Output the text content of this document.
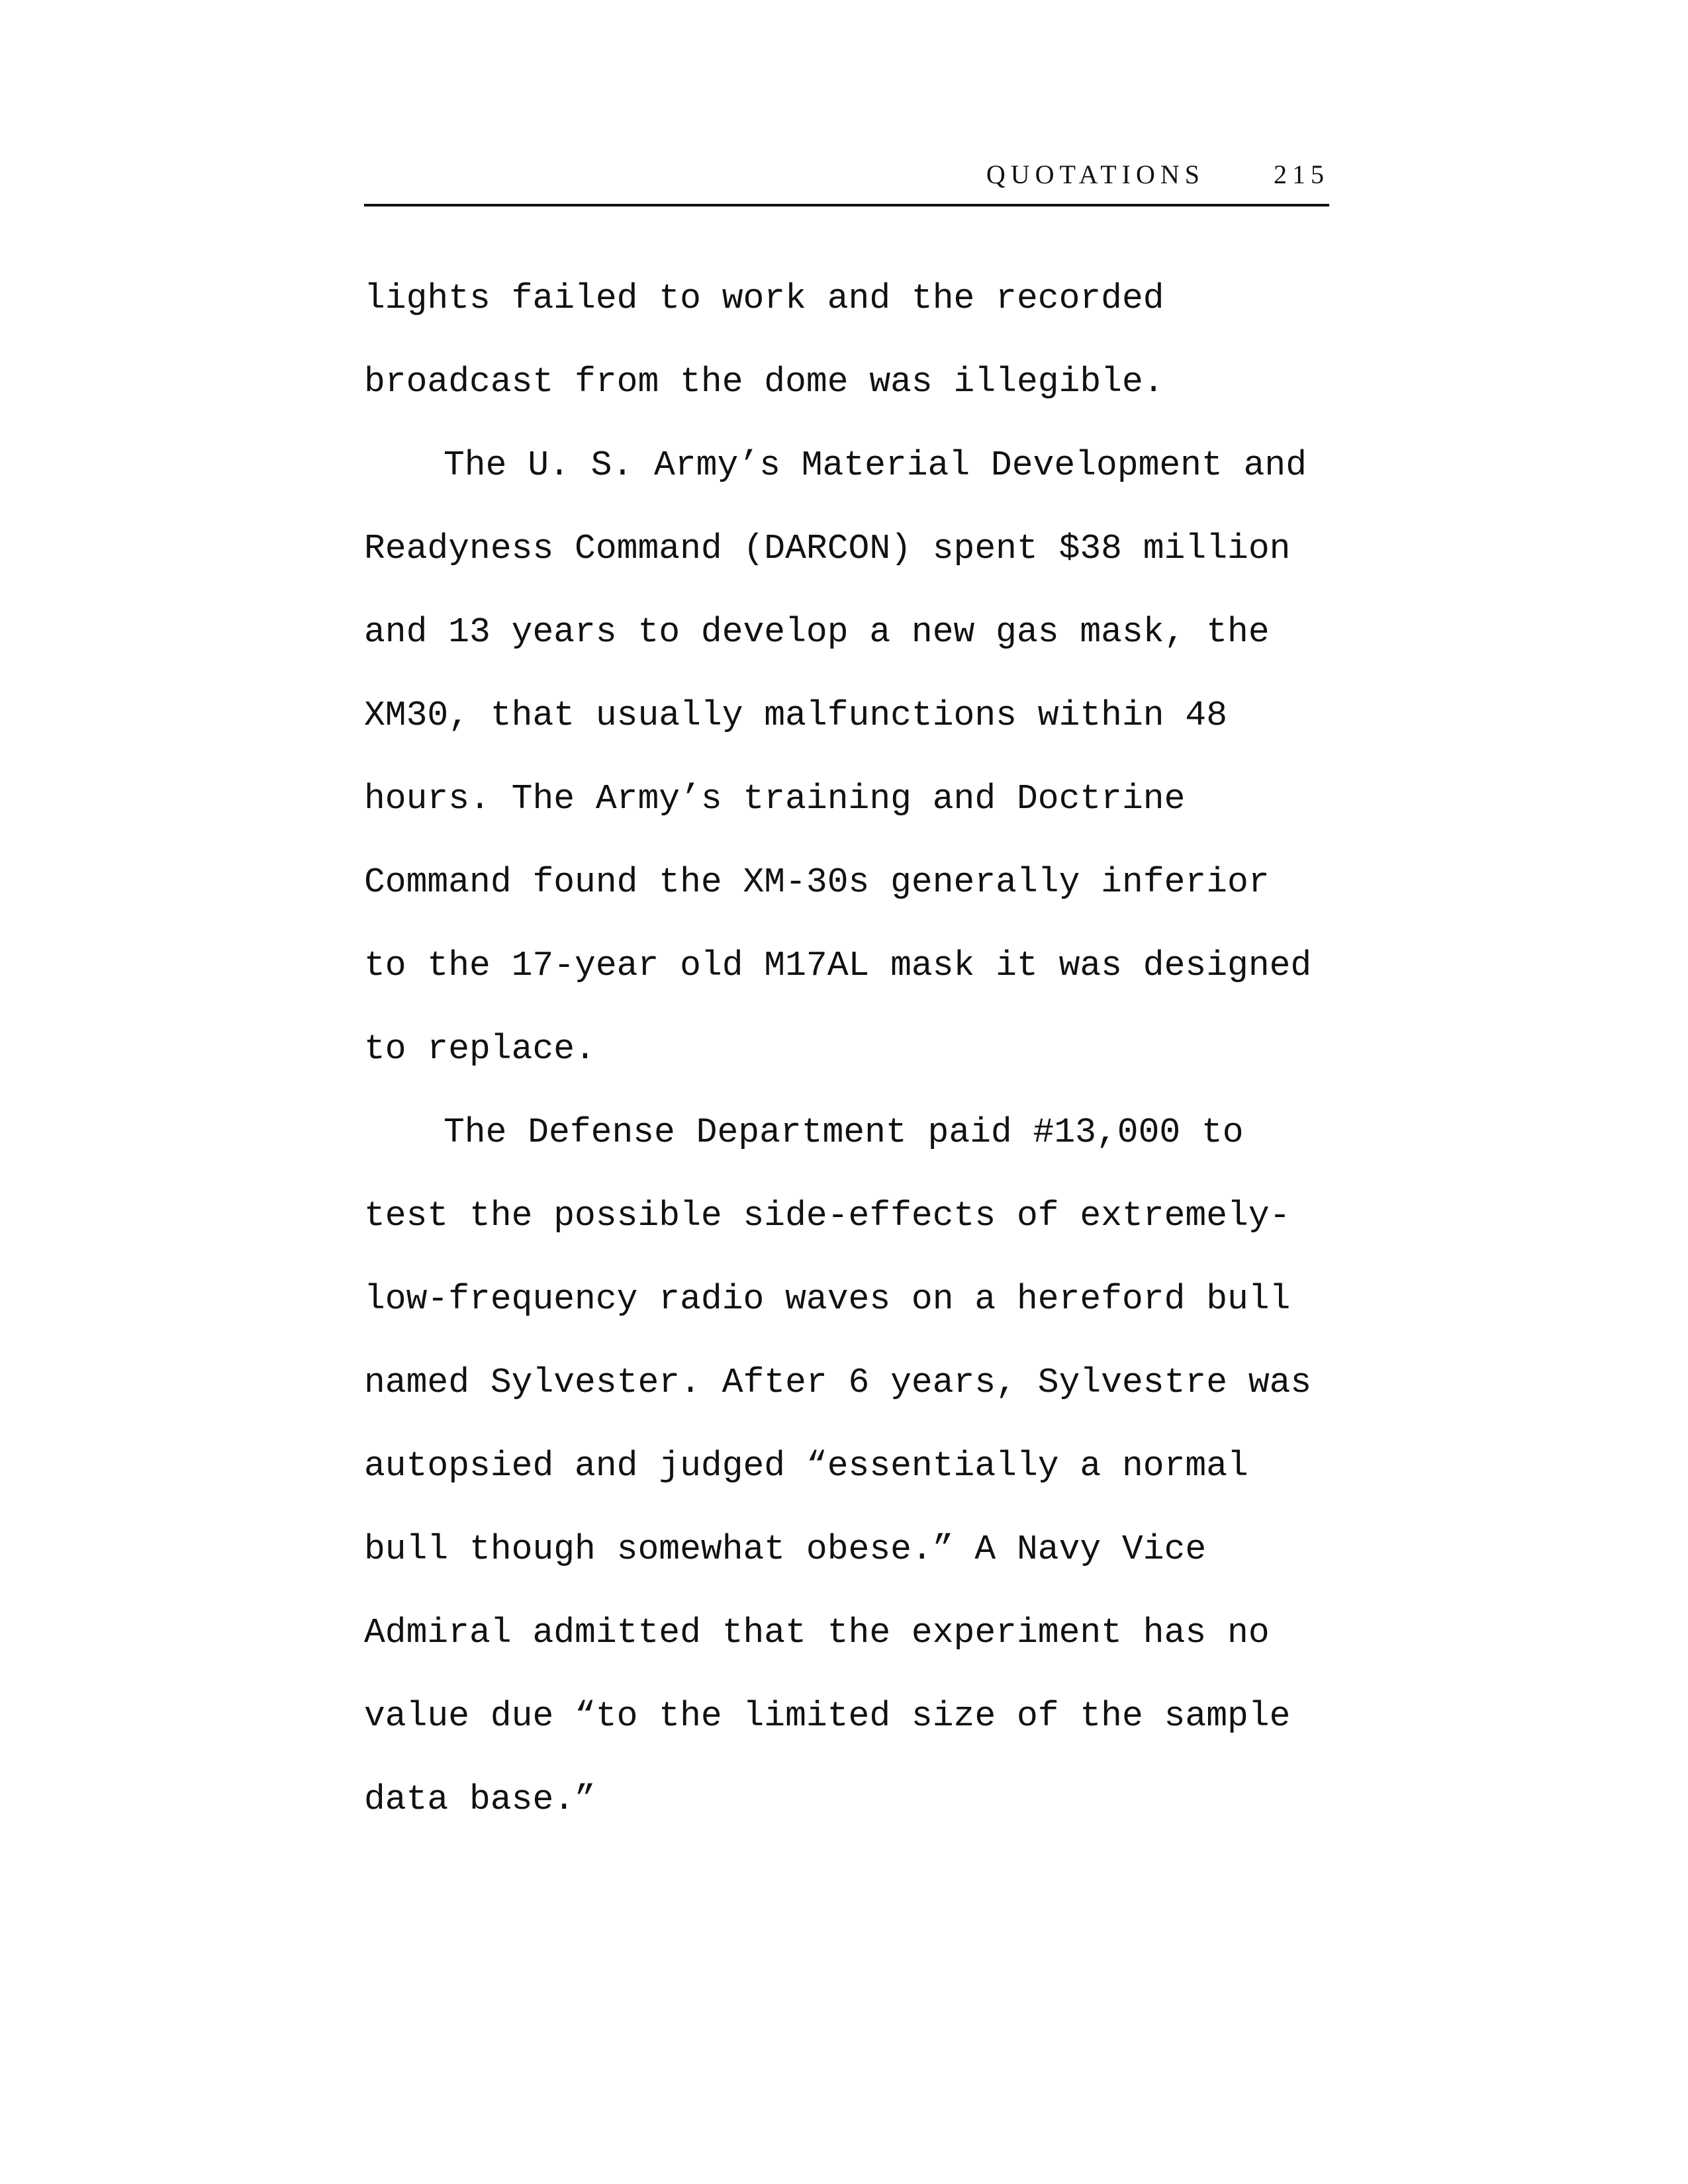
QUOTATIONS	215
lights failed to work and the recorded
broadcast from the dome was illegible.
The U. S. Army’s Material Development and
Readyness Command (DARCON) spent $38 million
and 13 years to develop a new gas mask, the
XM30, that usually malfunctions within 48
hours. The Army’s training and Doctrine
Command found the XM-30s generally inferior
to the 17-year old M17AL mask it was designed
to replace.
The Defense Department paid #13,000 to
test the possible side-effects of extremely-
low-frequency radio waves on a hereford bull
named Sylvester. After 6 years, Sylvestre was
autopsied and judged “essentially a normal
bull though somewhat obese.” A Navy Vice
Admiral admitted that the experiment has no
value due “to the limited size of the sample
data base.”
